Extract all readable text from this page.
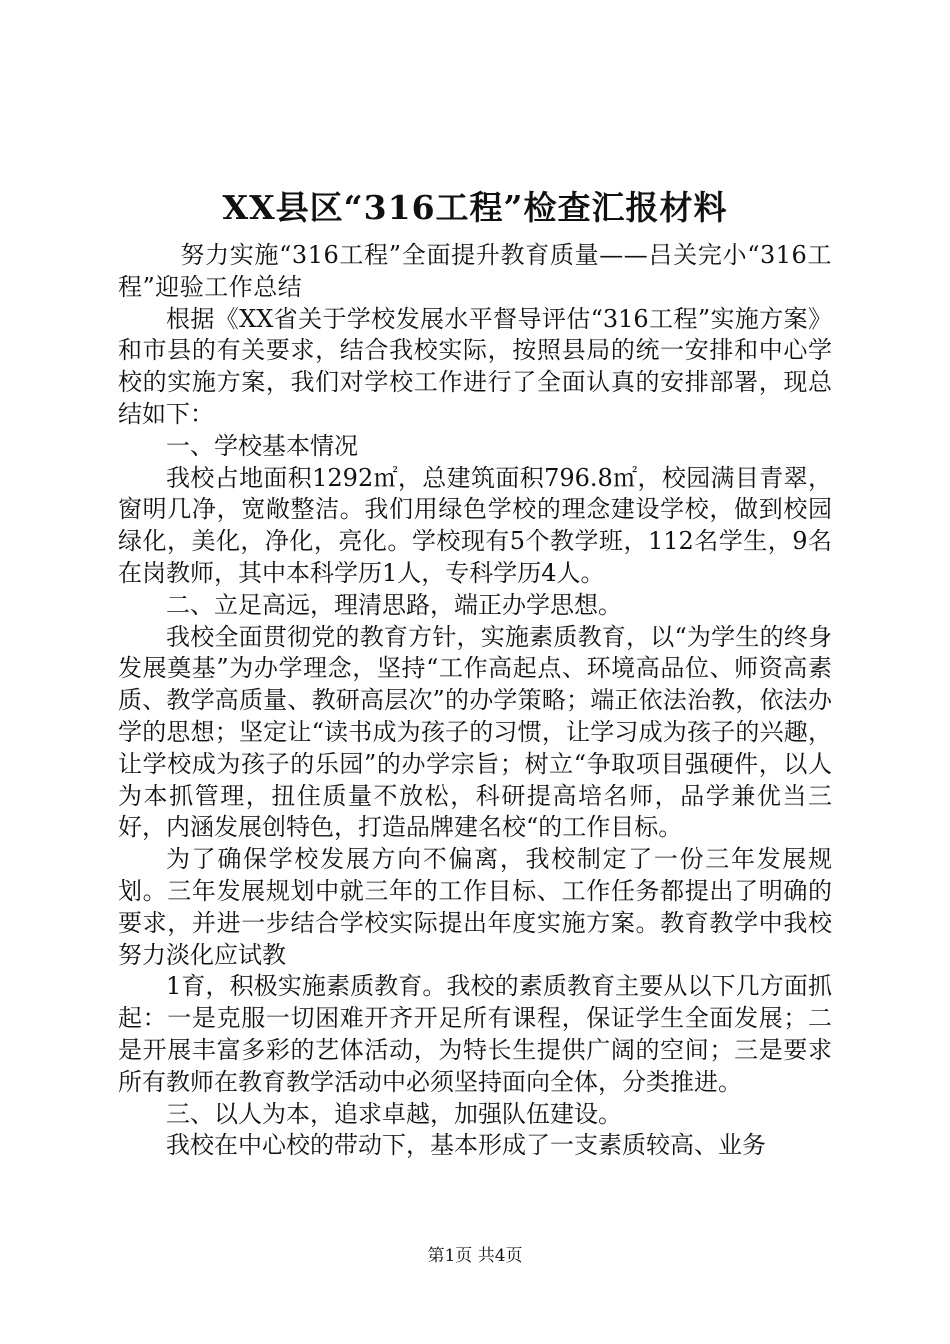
XX县区“316工程”检查汇报材料

努力实施“316工程”全面提升教育质量——吕关完小“316工程”迎验工作总结

根据《XX省关于学校发展水平督导评估“316工程”实施方案》和市县的有关要求，结合我校实际，按照县局的统一安排和中心学校的实施方案，我们对学校工作进行了全面认真的安排部署，现总结如下：

一、学校基本情况

我校占地面积1292㎡，总建筑面积796.8㎡，校园满目青翠，窗明几净，宽敞整洁。我们用绿色学校的理念建设学校，做到校园绿化，美化，净化，亮化。学校现有5个教学班，112名学生，9名在岗教师，其中本科学历1人，专科学历4人。

二、立足高远，理清思路，端正办学思想。

我校全面贯彻党的教育方针，实施素质教育，以“为学生的终身发展奠基”为办学理念，坚持“工作高起点、环境高品位、师资高素质、教学高质量、教研高层次”的办学策略；端正依法治教，依法办学的思想；坚定让“读书成为孩子的习惯，让学习成为孩子的兴趣，让学校成为孩子的乐园”的办学宗旨；树立“争取项目强硬件，以人为本抓管理，扭住质量不放松，科研提高培名师，品学兼优当三好，内涵发展创特色，打造品牌建名校“的工作目标。

为了确保学校发展方向不偏离，我校制定了一份三年发展规划。三年发展规划中就三年的工作目标、工作任务都提出了明确的要求，并进一步结合学校实际提出年度实施方案。教育教学中我校努力淡化应试教

1育，积极实施素质教育。我校的素质教育主要从以下几方面抓起：一是克服一切困难开齐开足所有课程，保证学生全面发展；二是开展丰富多彩的艺体活动，为特长生提供广阔的空间；三是要求所有教师在教育教学活动中必须坚持面向全体，分类推进。

三、以人为本，追求卓越，加强队伍建设。

我校在中心校的带动下，基本形成了一支素质较高、业务

第1页 共4页
